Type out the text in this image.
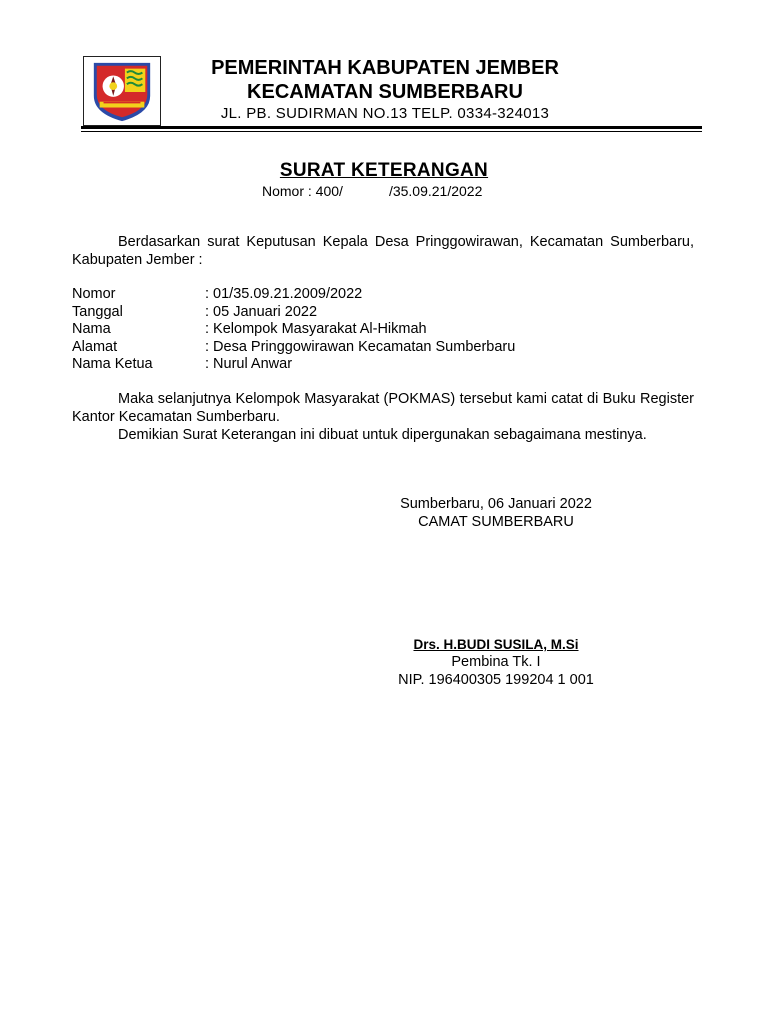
PEMERINTAH KABUPATEN JEMBER
KECAMATAN SUMBERBARU
JL. PB. SUDIRMAN NO.13 TELP. 0334-324013
SURAT KETERANGAN
Nomor : 400/	/35.09.21/2022
Berdasarkan surat Keputusan Kepala Desa Pringgowirawan, Kecamatan Sumberbaru, Kabupaten Jember :
Nomor	: 01/35.09.21.2009/2022
Tanggal	: 05 Januari 2022
Nama	: Kelompok Masyarakat Al-Hikmah
Alamat	: Desa Pringgowirawan Kecamatan Sumberbaru
Nama Ketua	: Nurul Anwar
Maka selanjutnya Kelompok Masyarakat (POKMAS) tersebut kami catat di Buku Register Kantor Kecamatan Sumberbaru.
Demikian Surat Keterangan ini dibuat untuk dipergunakan sebagaimana mestinya.
Sumberbaru, 06 Januari 2022
CAMAT SUMBERBARU
Drs. H.BUDI SUSILA, M.Si
Pembina Tk. I
NIP. 196400305 199204 1 001
